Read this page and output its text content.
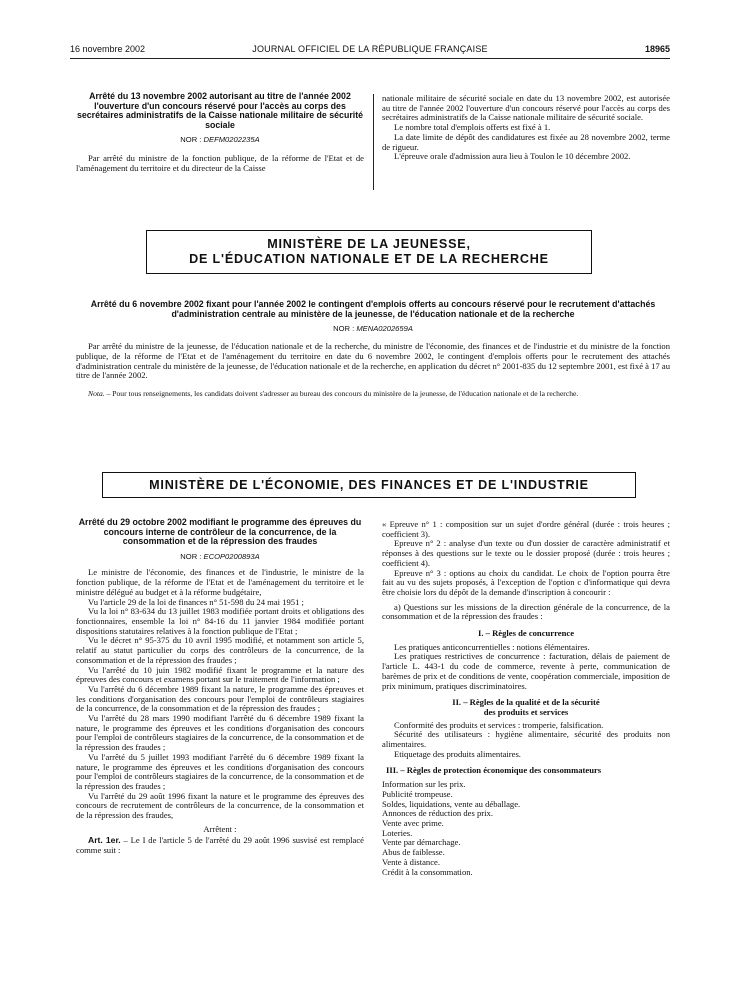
16 novembre 2002	JOURNAL OFFICIEL DE LA RÉPUBLIQUE FRANÇAISE	18965

Arrêté du 13 novembre 2002 autorisant au titre de l'année 2002 l'ouverture d'un concours réservé pour l'accès au corps des secrétaires administratifs de la Caisse nationale militaire de sécurité sociale

NOR : DEFM0202235A

Par arrêté du ministre de la fonction publique, de la réforme de l'Etat et de l'aménagement du territoire et du directeur de la Caisse

nationale militaire de sécurité sociale en date du 13 novembre 2002, est autorisée au titre de l'année 2002 l'ouverture d'un concours réservé pour l'accès au corps des secrétaires administratifs de la Caisse nationale militaire de sécurité sociale.

Le nombre total d'emplois offerts est fixé à 1.

La date limite de dépôt des candidatures est fixée au 28 novembre 2002, terme de rigueur.

L'épreuve orale d'admission aura lieu à Toulon le 10 décembre 2002.

MINISTÈRE DE LA JEUNESSE,
DE L'ÉDUCATION NATIONALE ET DE LA RECHERCHE
Arrêté du 6 novembre 2002 fixant pour l'année 2002 le contingent d'emplois offerts au concours réservé pour le recrutement d'attachés d'administration centrale au ministère de la jeunesse, de l'éducation nationale et de la recherche
NOR : MENA0202659A

Par arrêté du ministre de la jeunesse, de l'éducation nationale et de la recherche, du ministre de l'économie, des finances et de l'industrie et du ministre de la fonction publique, de la réforme de l'Etat et de l'aménagement du territoire en date du 6 novembre 2002, le contingent d'emplois offerts pour le recrutement des attachés d'administration centrale du ministère de la jeunesse, de l'éducation nationale et de la recherche, en application du décret n° 2001-835 du 12 septembre 2001, est fixé à 17 au titre de l'année 2002.

Nota. – Pour tous renseignements, les candidats doivent s'adresser au bureau des concours du ministère de la jeunesse, de l'éducation nationale et de la recherche.

MINISTÈRE DE L'ÉCONOMIE, DES FINANCES ET DE L'INDUSTRIE

Arrêté du 29 octobre 2002 modifiant le programme des épreuves du concours interne de contrôleur de la concurrence, de la consommation et de la répression des fraudes

NOR : ECOP0200893A

Le ministre de l'économie, des finances et de l'industrie, le ministre de la fonction publique, de la réforme de l'Etat et de l'aménagement du territoire et le ministre délégué au budget et à la réforme budgétaire,

Vu l'article 29 de la loi de finances n° 51-598 du 24 mai 1951 ;

Vu la loi n° 83-634 du 13 juillet 1983 modifiée portant droits et obligations des fonctionnaires, ensemble la loi n° 84-16 du 11 janvier 1984 modifiée portant dispositions statutaires relatives à la fonction publique de l'Etat ;

Vu le décret n° 95-375 du 10 avril 1995 modifié, et notamment son article 5, relatif au statut particulier du corps des contrôleurs de la concurrence, de la consommation et de la répression des fraudes ;

Vu l'arrêté du 10 juin 1982 modifié fixant le programme et la nature des épreuves des concours et examens portant sur le traitement de l'information ;

Vu l'arrêté du 6 décembre 1989 fixant la nature, le programme des épreuves et les conditions d'organisation des concours pour l'emploi de contrôleurs stagiaires de la concurrence, de la consommation et de la répression des fraudes ;

Vu l'arrêté du 28 mars 1990 modifiant l'arrêté du 6 décembre 1989 fixant la nature, le programme des épreuves et les conditions d'organisation des concours pour l'emploi de contrôleurs stagiaires de la concurrence, de la consommation et de la répression des fraudes ;

Vu l'arrêté du 5 juillet 1993 modifiant l'arrêté du 6 décembre 1989 fixant la nature, le programme des épreuves et les conditions d'organisation des concours pour l'emploi de contrôleurs stagiaires de la concurrence, de la consommation et de la répression des fraudes ;

Vu l'arrêté du 29 août 1996 fixant la nature et le programme des épreuves des concours de recrutement de contrôleurs de la concurrence, de la consommation et de la répression des fraudes,

Arrêtent :

Art. 1er. – Le I de l'article 5 de l'arrêté du 29 août 1996 susvisé est remplacé comme suit :

« Epreuve n° 1 : composition sur un sujet d'ordre général (durée : trois heures ; coefficient 3).

Epreuve n° 2 : analyse d'un texte ou d'un dossier de caractère administratif et réponses à des questions sur le texte ou le dossier proposé (durée : trois heures ; coefficient 4).

Epreuve n° 3 : options au choix du candidat. Le choix de l'option pourra être fait au vu des sujets proposés, à l'exception de l'option c d'informatique qui devra être choisie lors du dépôt de la demande d'inscription à concourir :

a) Questions sur les missions de la direction générale de la concurrence, de la consommation et de la répression des fraudes :

I. – Règles de concurrence

Les pratiques anticoncurrentielles : notions élémentaires.

Les pratiques restrictives de concurrence : facturation, délais de paiement de l'article L. 443-1 du code de commerce, revente à perte, communication de barèmes de prix et de conditions de vente, coopération commerciale, imposition de prix minimum, pratiques discriminatoires.

II. – Règles de la qualité et de la sécurité
des produits et services

Conformité des produits et services : tromperie, falsification.

Sécurité des utilisateurs : hygiène alimentaire, sécurité des produits non alimentaires.

Etiquetage des produits alimentaires.

III. – Règles de protection économique des consommateurs

Information sur les prix.

Publicité trompeuse.

Soldes, liquidations, vente au déballage.

Annonces de réduction des prix.

Vente avec prime.

Loteries.

Vente par démarchage.

Abus de faiblesse.

Vente à distance.

Crédit à la consommation.
